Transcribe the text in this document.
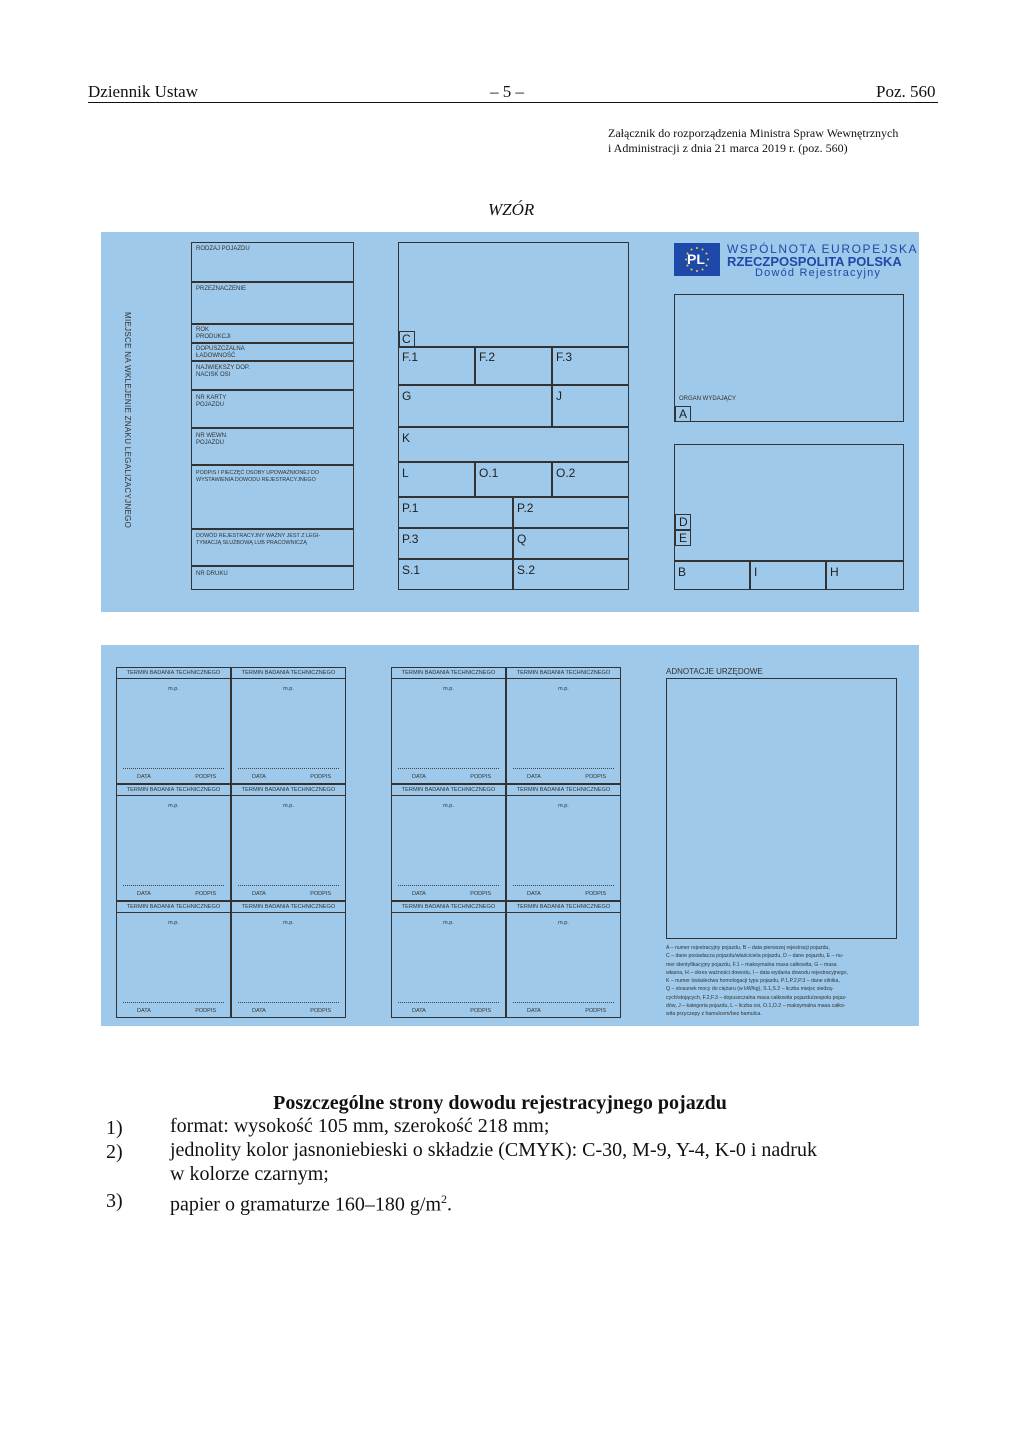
Dziennik Ustaw	– 5 –	Poz. 560
Załącznik do rozporządzenia Ministra Spraw Wewnętrznych
i Administracji z dnia 21 marca 2019 r. (poz. 560)
WZÓR
MIEJSCE NA WKLEJENIE ZNAKU LEGALIZACYJNEGO
RODZAJ POJAZDU
PRZEZNACZENIE
ROK
PRODUKCJI
DOPUSZCZALNA
ŁADOWNOŚĆ
NAJWIĘKSZY DOP.
NACISK OSI
NR KARTY
POJAZDU
NR WEWN.
POJAZDU
PODPIS I PIECZĘĆ OSOBY UPOWAŻNIONEJ DO
WYSTAWIENIA DOWODU REJESTRACYJNEGO
DOWÓD REJESTRACYJNY WAŻNY JEST Z LEGI-
TYMACJĄ SŁUŻBOWĄ LUB PRACOWNICZĄ
NR DRUKU
C
F.1	F.2	F.3
G	J
K
L	O.1	O.2
P.1	P.2
P.3	Q
S.1	S.2
PL
WSPÓLNOTA EUROPEJSKA
RZECZPOSPOLITA POLSKA
Dowód Rejestracyjny
ORGAN WYDAJĄCY
A
D
E
B	I	H
TERMIN BADANIA TECHNICZNEGO
m.p.
DATA	PODPIS
TERMIN BADANIA TECHNICZNEGO
m.p.
DATA	PODPIS
TERMIN BADANIA TECHNICZNEGO
m.p.
DATA	PODPIS
TERMIN BADANIA TECHNICZNEGO
m.p.
DATA	PODPIS
TERMIN BADANIA TECHNICZNEGO
m.p.
DATA	PODPIS
TERMIN BADANIA TECHNICZNEGO
m.p.
DATA	PODPIS
TERMIN BADANIA TECHNICZNEGO
m.p.
DATA	PODPIS
TERMIN BADANIA TECHNICZNEGO
m.p.
DATA	PODPIS
TERMIN BADANIA TECHNICZNEGO
m.p.
DATA	PODPIS
TERMIN BADANIA TECHNICZNEGO
m.p.
DATA	PODPIS
TERMIN BADANIA TECHNICZNEGO
m.p.
DATA	PODPIS
TERMIN BADANIA TECHNICZNEGO
m.p.
DATA	PODPIS
ADNOTACJE URZĘDOWE
A – numer rejestracyjny pojazdu, B – data pierwszej rejestracji pojazdu,
C – dane posiadacza pojazdu/właściciela pojazdu, D – dane pojazdu, E – nu-
mer identyfikacyjny pojazdu, F.1 – maksymalna masa całkowita, G – masa
własna, H – okres ważności dowodu, I – data wydania dowodu rejestracyjnego,
K – numer świadectwa homologacji typu pojazdu, P.1,P.2,P.3 – dane silnika,
Q – stosunek mocy do ciężaru (w kW/kg), S.1,S.2 – liczba miejsc siedzą-
cych/stojących, F.2,F.3 – dopuszczalna masa całkowita pojazdu/zespołu pojaz-
dów, J – kategoria pojazdu, L – liczba osi, O.1,O.2 – maksymalna masa całko-
wita przyczepy z hamulcem/bez hamulca.
Poszczególne strony dowodu rejestracyjnego pojazdu
1) format: wysokość 105 mm, szerokość 218 mm;
2) jednolity kolor jasnoniebieski o składzie (CMYK): C-30, M-9, Y-4, K-0 i nadruk
w kolorze czarnym;
3) papier o gramaturze 160–180 $g/m^2$.
